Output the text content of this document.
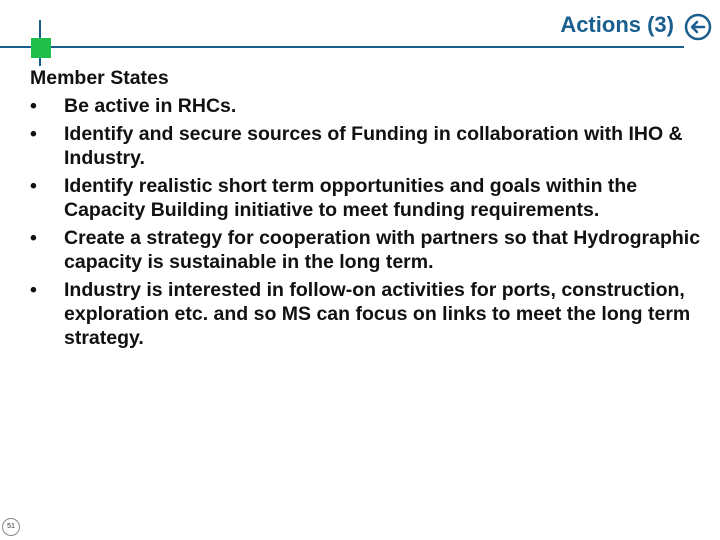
Actions (3)
Member States
• Be active in RHCs.
• Identify and secure sources of Funding in collaboration with IHO & Industry.
• Identify realistic short term opportunities and goals within the Capacity Building initiative to meet funding requirements.
• Create a strategy for cooperation with partners so that Hydrographic capacity is sustainable in the long term.
• Industry is interested in follow-on activities for ports, construction, exploration etc. and so MS can focus on links to meet the long term strategy.
51
